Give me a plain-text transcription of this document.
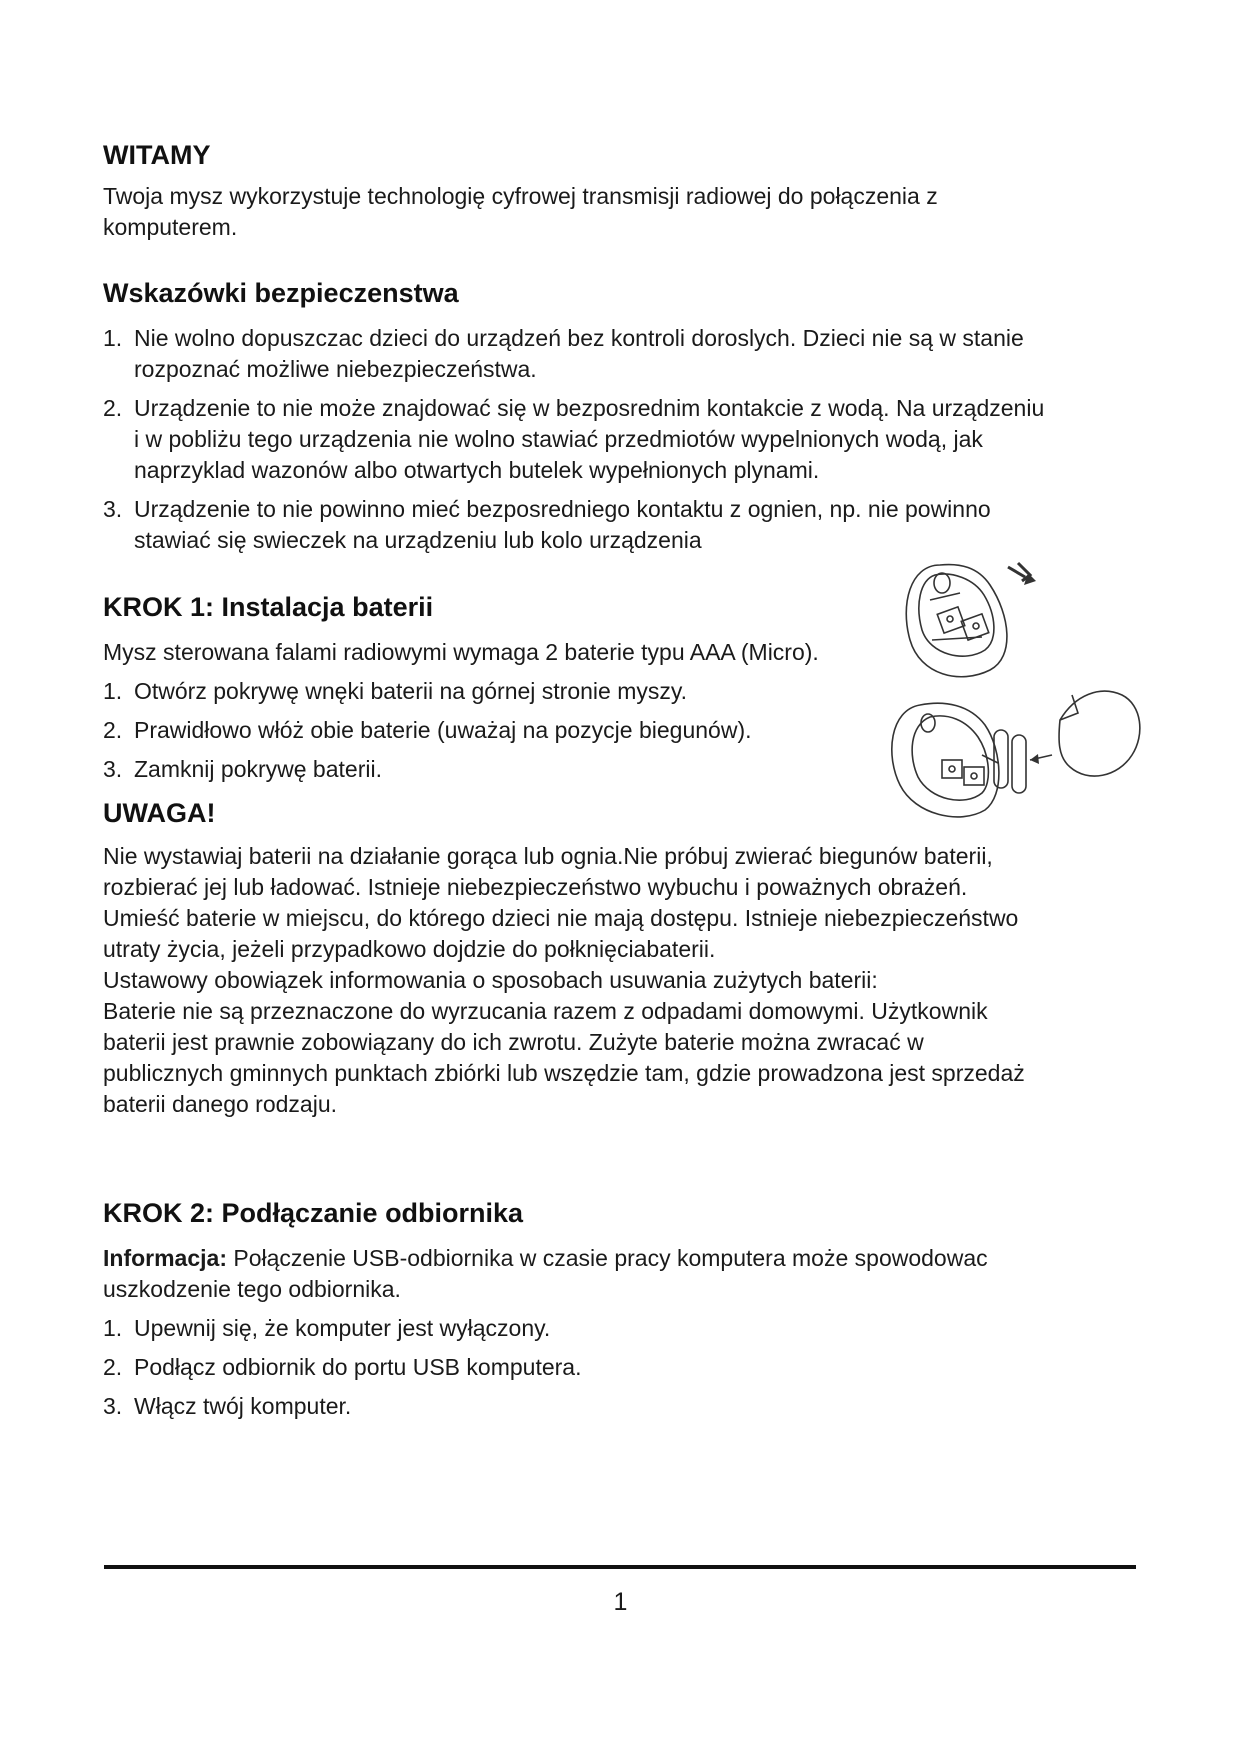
WITAMY

Twoja mysz wykorzystuje technologię cyfrowej transmisji radiowej do połączenia z

komputerem.

Wskazówki bezpieczenstwa
1. Nie wolno dopuszczac dzieci do urządzeń bez kontroli doroslych. Dzieci nie są w stanie

rozpoznać możliwe niebezpieczeństwa.

2. Urządzenie to nie może znajdować się w bezposrednim kontakcie z wodą. Na urządzeniu

i w pobliżu tego urządzenia nie wolno stawiać przedmiotów wypelnionych wodą, jak

naprzyklad wazonów albo otwartych butelek wypełnionych plynami.

3. Urządzenie to nie powinno mieć bezposredniego kontaktu z ognien, np. nie powinno

stawiać się swieczek na urządzeniu lub kolo urządzenia

KROK 1: Instalacja baterii

Mysz sterowana falami radiowymi wymaga 2 baterie typu AAA (Micro).

1. Otwórz pokrywę wnęki baterii na górnej stronie myszy.

2. Prawidłowo włóż obie baterie (uważaj na pozycje biegunów).

3. Zamknij pokrywę baterii.

UWAGA!

Nie wystawiaj baterii na działanie gorąca lub ognia.Nie próbuj zwierać biegunów baterii,

rozbierać jej lub ładować. Istnieje niebezpieczeństwo wybuchu i poważnych obrażeń.

Umieść baterie w miejscu, do którego dzieci nie mają dostępu. Istnieje niebezpieczeństwo

utraty życia, jeżeli przypadkowo dojdzie do połknięciabaterii.

Ustawowy obowiązek informowania o sposobach usuwania zużytych baterii:

Baterie nie są przeznaczone do wyrzucania razem z odpadami domowymi. Użytkownik

baterii jest prawnie zobowiązany do ich zwrotu. Zużyte baterie można zwracać w

publicznych gminnych punktach zbiórki lub wszędzie tam, gdzie prowadzona jest sprzedaż

baterii danego rodzaju.

KROK 2: Podłączanie odbiornika

Informacja: Połączenie USB-odbiornika w czasie pracy komputera może spowodowac

uszkodzenie tego odbiornika.

1. Upewnij się, że komputer jest wyłączony.

2. Podłącz odbiornik do portu USB komputera.

3. Włącz twój komputer.

1
